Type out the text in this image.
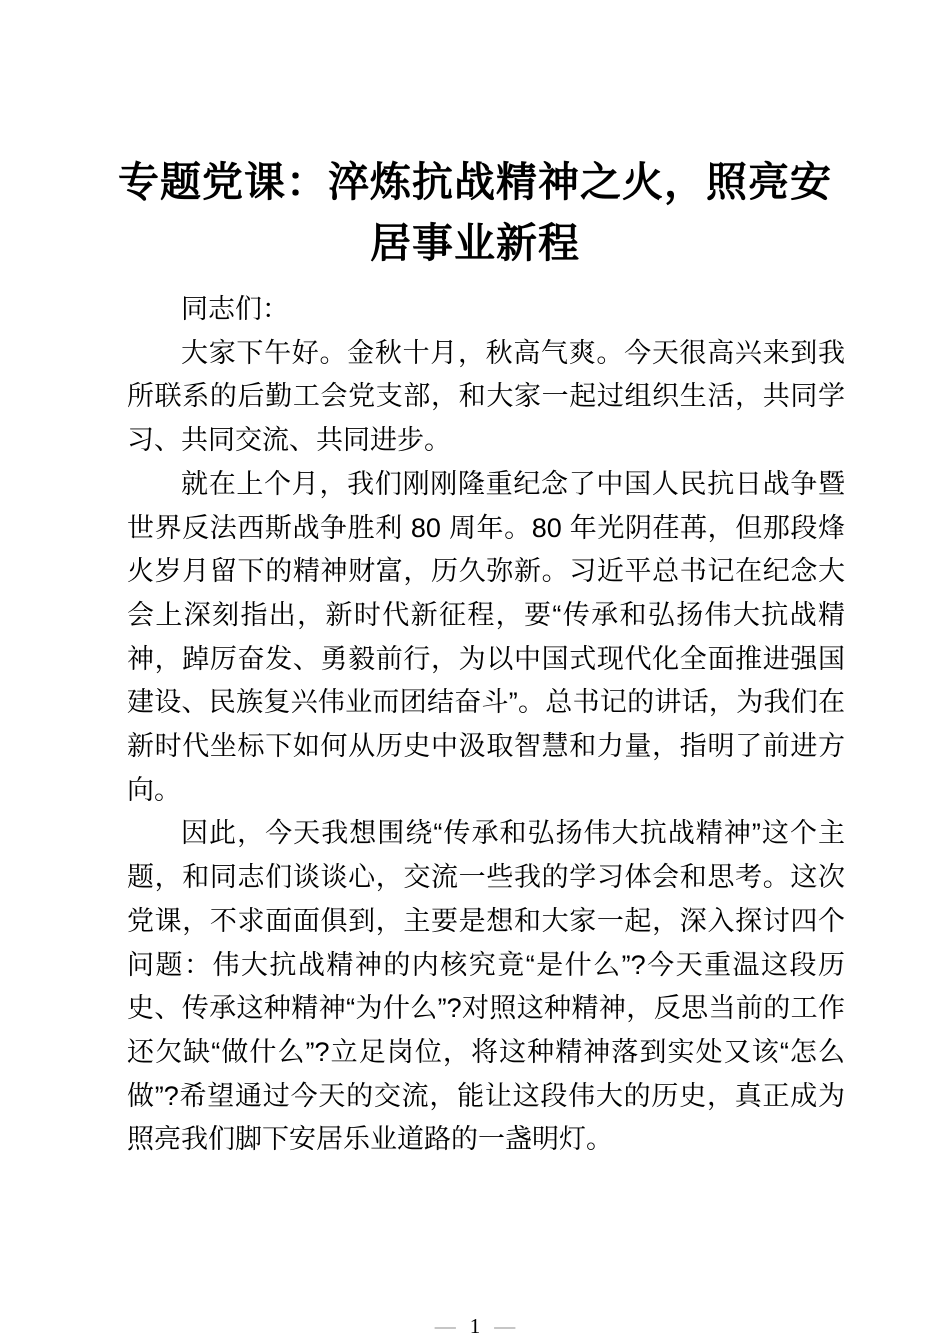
专题党课：淬炼抗战精神之火，照亮安
居事业新程

同志们：

大家下午好。金秋十月，秋高气爽。今天很高兴来到我所联系的后勤工会党支部，和大家一起过组织生活，共同学习、共同交流、共同进步。

就在上个月，我们刚刚隆重纪念了中国人民抗日战争暨世界反法西斯战争胜利 80 周年。80 年光阴荏苒，但那段烽火岁月留下的精神财富，历久弥新。习近平总书记在纪念大会上深刻指出，新时代新征程，要“传承和弘扬伟大抗战精神，踔厉奋发、勇毅前行，为以中国式现代化全面推进强国建设、民族复兴伟业而团结奋斗”。总书记的讲话，为我们在新时代坐标下如何从历史中汲取智慧和力量，指明了前进方向。

因此，今天我想围绕“传承和弘扬伟大抗战精神”这个主题，和同志们谈谈心，交流一些我的学习体会和思考。这次党课，不求面面俱到，主要是想和大家一起，深入探讨四个问题：伟大抗战精神的内核究竟“是什么”?今天重温这段历史、传承这种精神“为什么”?对照这种精神，反思当前的工作还欠缺“做什么”?立足岗位，将这种精神落到实处又该“怎么做”?希望通过今天的交流，能让这段伟大的历史，真正成为照亮我们脚下安居乐业道路的一盏明灯。

— 1 —
